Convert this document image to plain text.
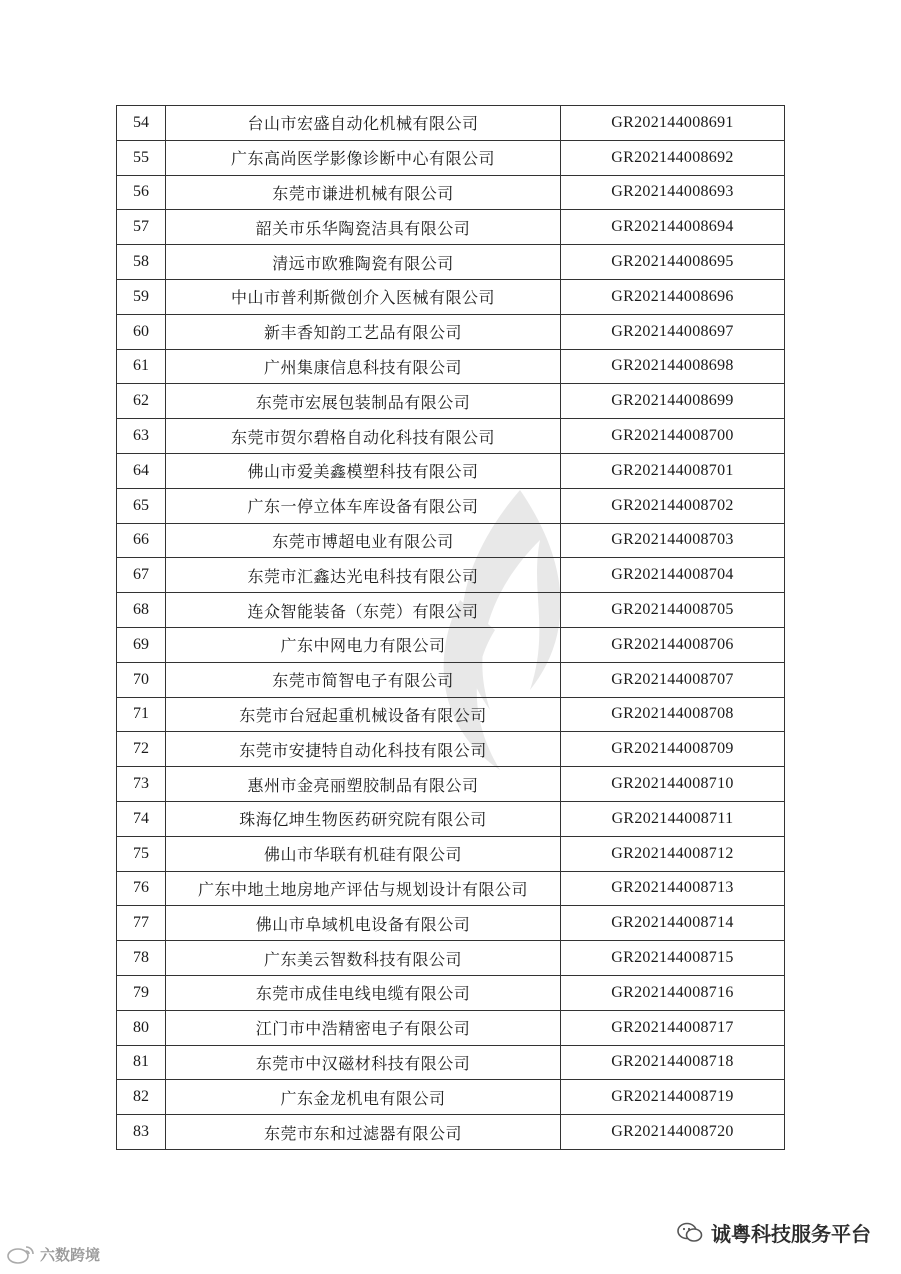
54	台山市宏盛自动化机械有限公司	GR202144008691
55	广东高尚医学影像诊断中心有限公司	GR202144008692
56	东莞市谦进机械有限公司	GR202144008693
57	韶关市乐华陶瓷洁具有限公司	GR202144008694
58	清远市欧雅陶瓷有限公司	GR202144008695
59	中山市普利斯微创介入医械有限公司	GR202144008696
60	新丰香知韵工艺品有限公司	GR202144008697
61	广州集康信息科技有限公司	GR202144008698
62	东莞市宏展包装制品有限公司	GR202144008699
63	东莞市贺尔碧格自动化科技有限公司	GR202144008700
64	佛山市爱美鑫模塑科技有限公司	GR202144008701
65	广东一停立体车库设备有限公司	GR202144008702
66	东莞市博超电业有限公司	GR202144008703
67	东莞市汇鑫达光电科技有限公司	GR202144008704
68	连众智能装备（东莞）有限公司	GR202144008705
69	广东中网电力有限公司	GR202144008706
70	东莞市简智电子有限公司	GR202144008707
71	东莞市台冠起重机械设备有限公司	GR202144008708
72	东莞市安捷特自动化科技有限公司	GR202144008709
73	惠州市金亮丽塑胶制品有限公司	GR202144008710
74	珠海亿坤生物医药研究院有限公司	GR202144008711
75	佛山市华联有机硅有限公司	GR202144008712
76	广东中地土地房地产评估与规划设计有限公司	GR202144008713
77	佛山市阜域机电设备有限公司	GR202144008714
78	广东美云智数科技有限公司	GR202144008715
79	东莞市成佳电线电缆有限公司	GR202144008716
80	江门市中浩精密电子有限公司	GR202144008717
81	东莞市中汉磁材科技有限公司	GR202144008718
82	广东金龙机电有限公司	GR202144008719
83	东莞市东和过滤器有限公司	GR202144008720
诚粤科技服务平台
六数跨境
